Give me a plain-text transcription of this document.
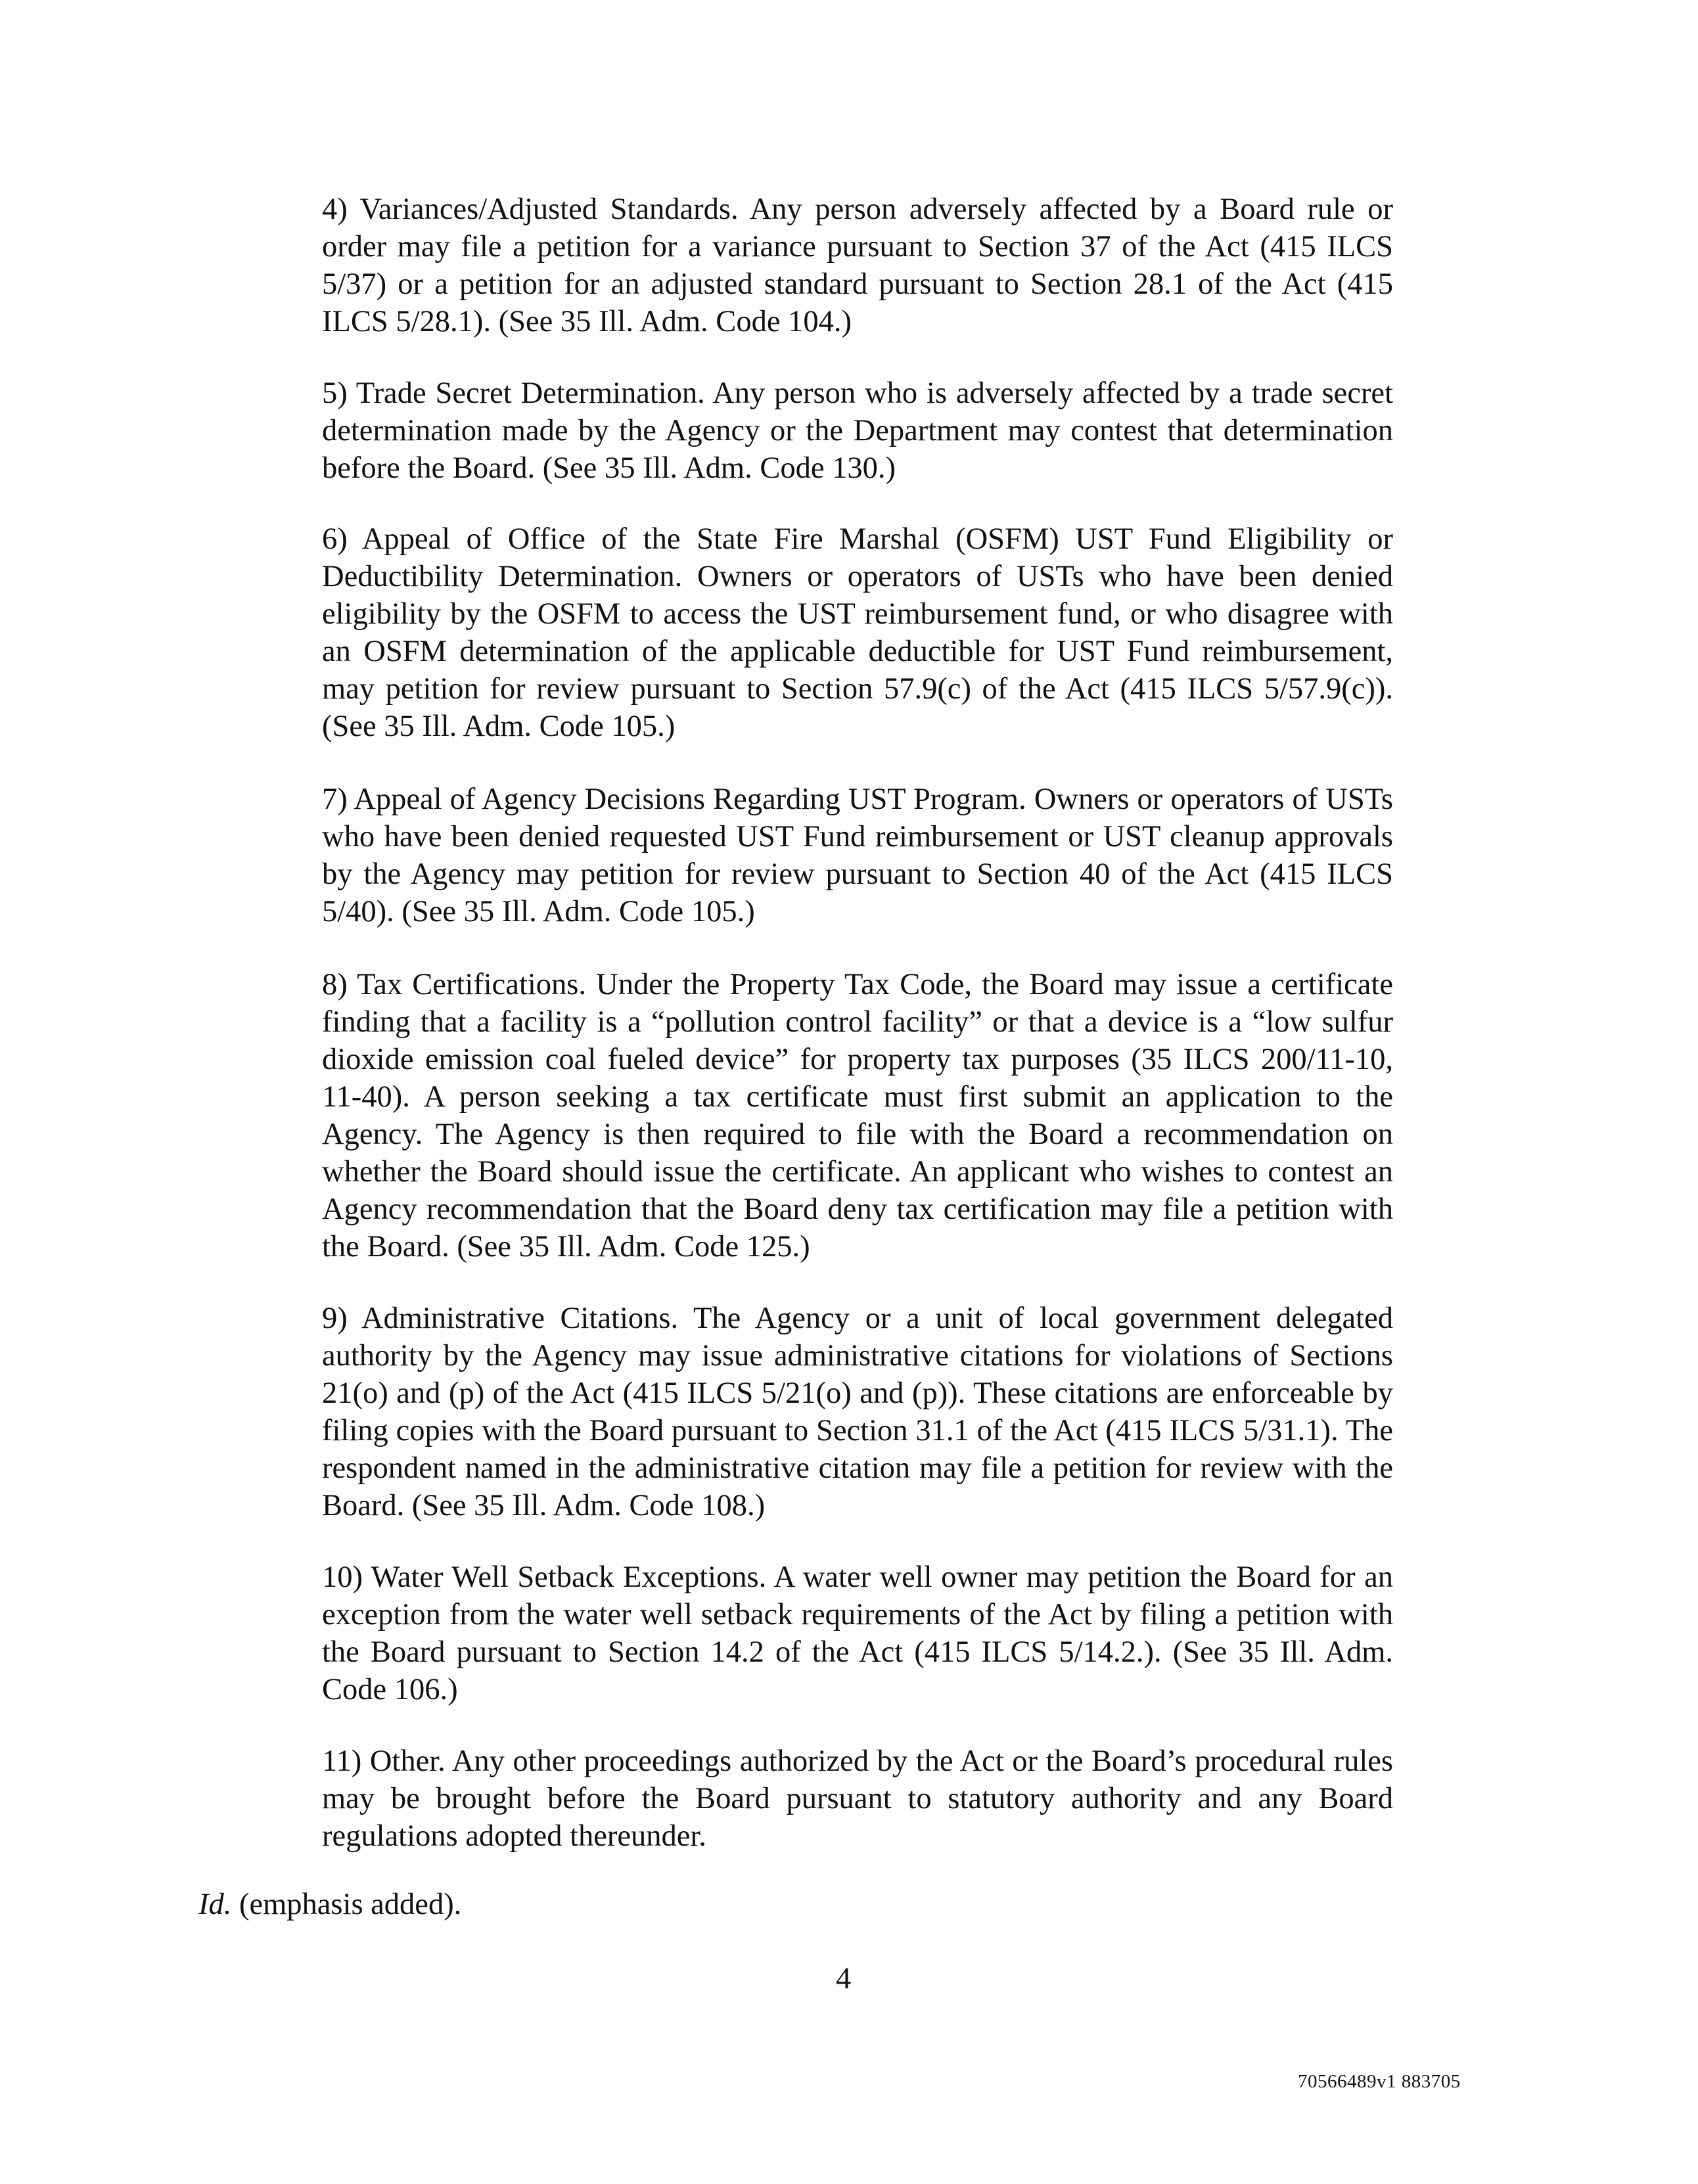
4) Variances/Adjusted Standards. Any person adversely affected by a Board rule or order may file a petition for a variance pursuant to Section 37 of the Act (415 ILCS 5/37) or a petition for an adjusted standard pursuant to Section 28.1 of the Act (415 ILCS 5/28.1). (See 35 Ill. Adm. Code 104.)

5) Trade Secret Determination. Any person who is adversely affected by a trade secret determination made by the Agency or the Department may contest that determination before the Board. (See 35 Ill. Adm. Code 130.)

6) Appeal of Office of the State Fire Marshal (OSFM) UST Fund Eligibility or Deductibility Determination. Owners or operators of USTs who have been denied eligibility by the OSFM to access the UST reimbursement fund, or who disagree with an OSFM determination of the applicable deductible for UST Fund reimbursement, may petition for review pursuant to Section 57.9(c) of the Act (415 ILCS 5/57.9(c)). (See 35 Ill. Adm. Code 105.)

7) Appeal of Agency Decisions Regarding UST Program. Owners or operators of USTs who have been denied requested UST Fund reimbursement or UST cleanup approvals by the Agency may petition for review pursuant to Section 40 of the Act (415 ILCS 5/40). (See 35 Ill. Adm. Code 105.)

8) Tax Certifications. Under the Property Tax Code, the Board may issue a certificate finding that a facility is a “pollution control facility” or that a device is a “low sulfur dioxide emission coal fueled device” for property tax purposes (35 ILCS 200/11-10, 11-40). A person seeking a tax certificate must first submit an application to the Agency. The Agency is then required to file with the Board a recommendation on whether the Board should issue the certificate. An applicant who wishes to contest an Agency recommendation that the Board deny tax certification may file a petition with the Board. (See 35 Ill. Adm. Code 125.)

9) Administrative Citations. The Agency or a unit of local government delegated authority by the Agency may issue administrative citations for violations of Sections 21(o) and (p) of the Act (415 ILCS 5/21(o) and (p)). These citations are enforceable by filing copies with the Board pursuant to Section 31.1 of the Act (415 ILCS 5/31.1). The respondent named in the administrative citation may file a petition for review with the Board. (See 35 Ill. Adm. Code 108.)

10) Water Well Setback Exceptions. A water well owner may petition the Board for an exception from the water well setback requirements of the Act by filing a petition with the Board pursuant to Section 14.2 of the Act (415 ILCS 5/14.2.). (See 35 Ill. Adm. Code 106.)

11) Other. Any other proceedings authorized by the Act or the Board’s procedural rules may be brought before the Board pursuant to statutory authority and any Board regulations adopted thereunder.

Id. (emphasis added).

4
70566489v1 883705
